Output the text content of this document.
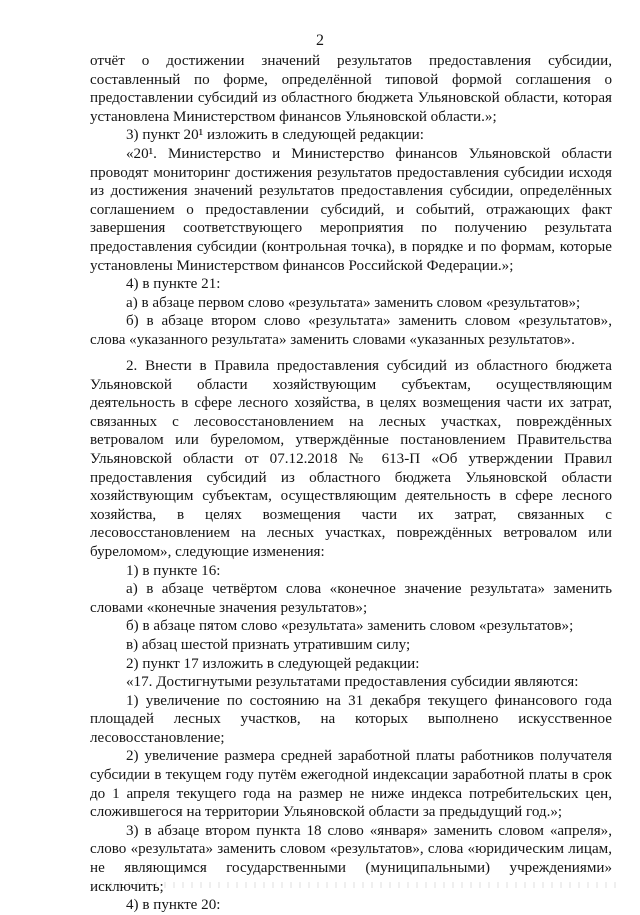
2

отчёт о достижении значений результатов предоставления субсидии, составленный по форме, определённой типовой формой соглашения о предоставлении субсидий из областного бюджета Ульяновской области, которая установлена Министерством финансов Ульяновской области.»;

3) пункт 20¹ изложить в следующей редакции:

«20¹. Министерство и Министерство финансов Ульяновской области проводят мониторинг достижения результатов предоставления субсидии исходя из достижения значений результатов предоставления субсидии, определённых соглашением о предоставлении субсидий, и событий, отражающих факт завершения соответствующего мероприятия по получению результата предоставления субсидии (контрольная точка), в порядке и по формам, которые установлены Министерством финансов Российской Федерации.»;

4) в пункте 21:

а) в абзаце первом слово «результата» заменить словом «результатов»;

б) в абзаце втором слово «результата» заменить словом «результатов», слова «указанного результата» заменить словами «указанных результатов».

2. Внести в Правила предоставления субсидий из областного бюджета Ульяновской области хозяйствующим субъектам, осуществляющим деятельность в сфере лесного хозяйства, в целях возмещения части их затрат, связанных с лесовосстановлением на лесных участках, повреждённых ветровалом или буреломом, утверждённые постановлением Правительства Ульяновской области от 07.12.2018 № 613-П «Об утверждении Правил предоставления субсидий из областного бюджета Ульяновской области хозяйствующим субъектам, осуществляющим деятельность в сфере лесного хозяйства, в целях возмещения части их затрат, связанных с лесовосстановлением на лесных участках, повреждённых ветровалом или буреломом», следующие изменения:

1) в пункте 16:

а) в абзаце четвёртом слова «конечное значение результата» заменить словами «конечные значения результатов»;

б) в абзаце пятом слово «результата» заменить словом «результатов»;

в) абзац шестой признать утратившим силу;

2) пункт 17 изложить в следующей редакции:

«17. Достигнутыми результатами предоставления субсидии являются:

1) увеличение по состоянию на 31 декабря текущего финансового года площадей лесных участков, на которых выполнено искусственное лесовосстановление;

2) увеличение размера средней заработной платы работников получателя субсидии в текущем году путём ежегодной индексации заработной платы в срок до 1 апреля текущего года на размер не ниже индекса потребительских цен, сложившегося на территории Ульяновской области за предыдущий год.»;

3) в абзаце втором пункта 18 слово «января» заменить словом «апреля», слово «результата» заменить словом «результатов», слова «юридическим лицам, не являющимся государственными (муниципальными) учреждениями» исключить;

4) в пункте 20:
